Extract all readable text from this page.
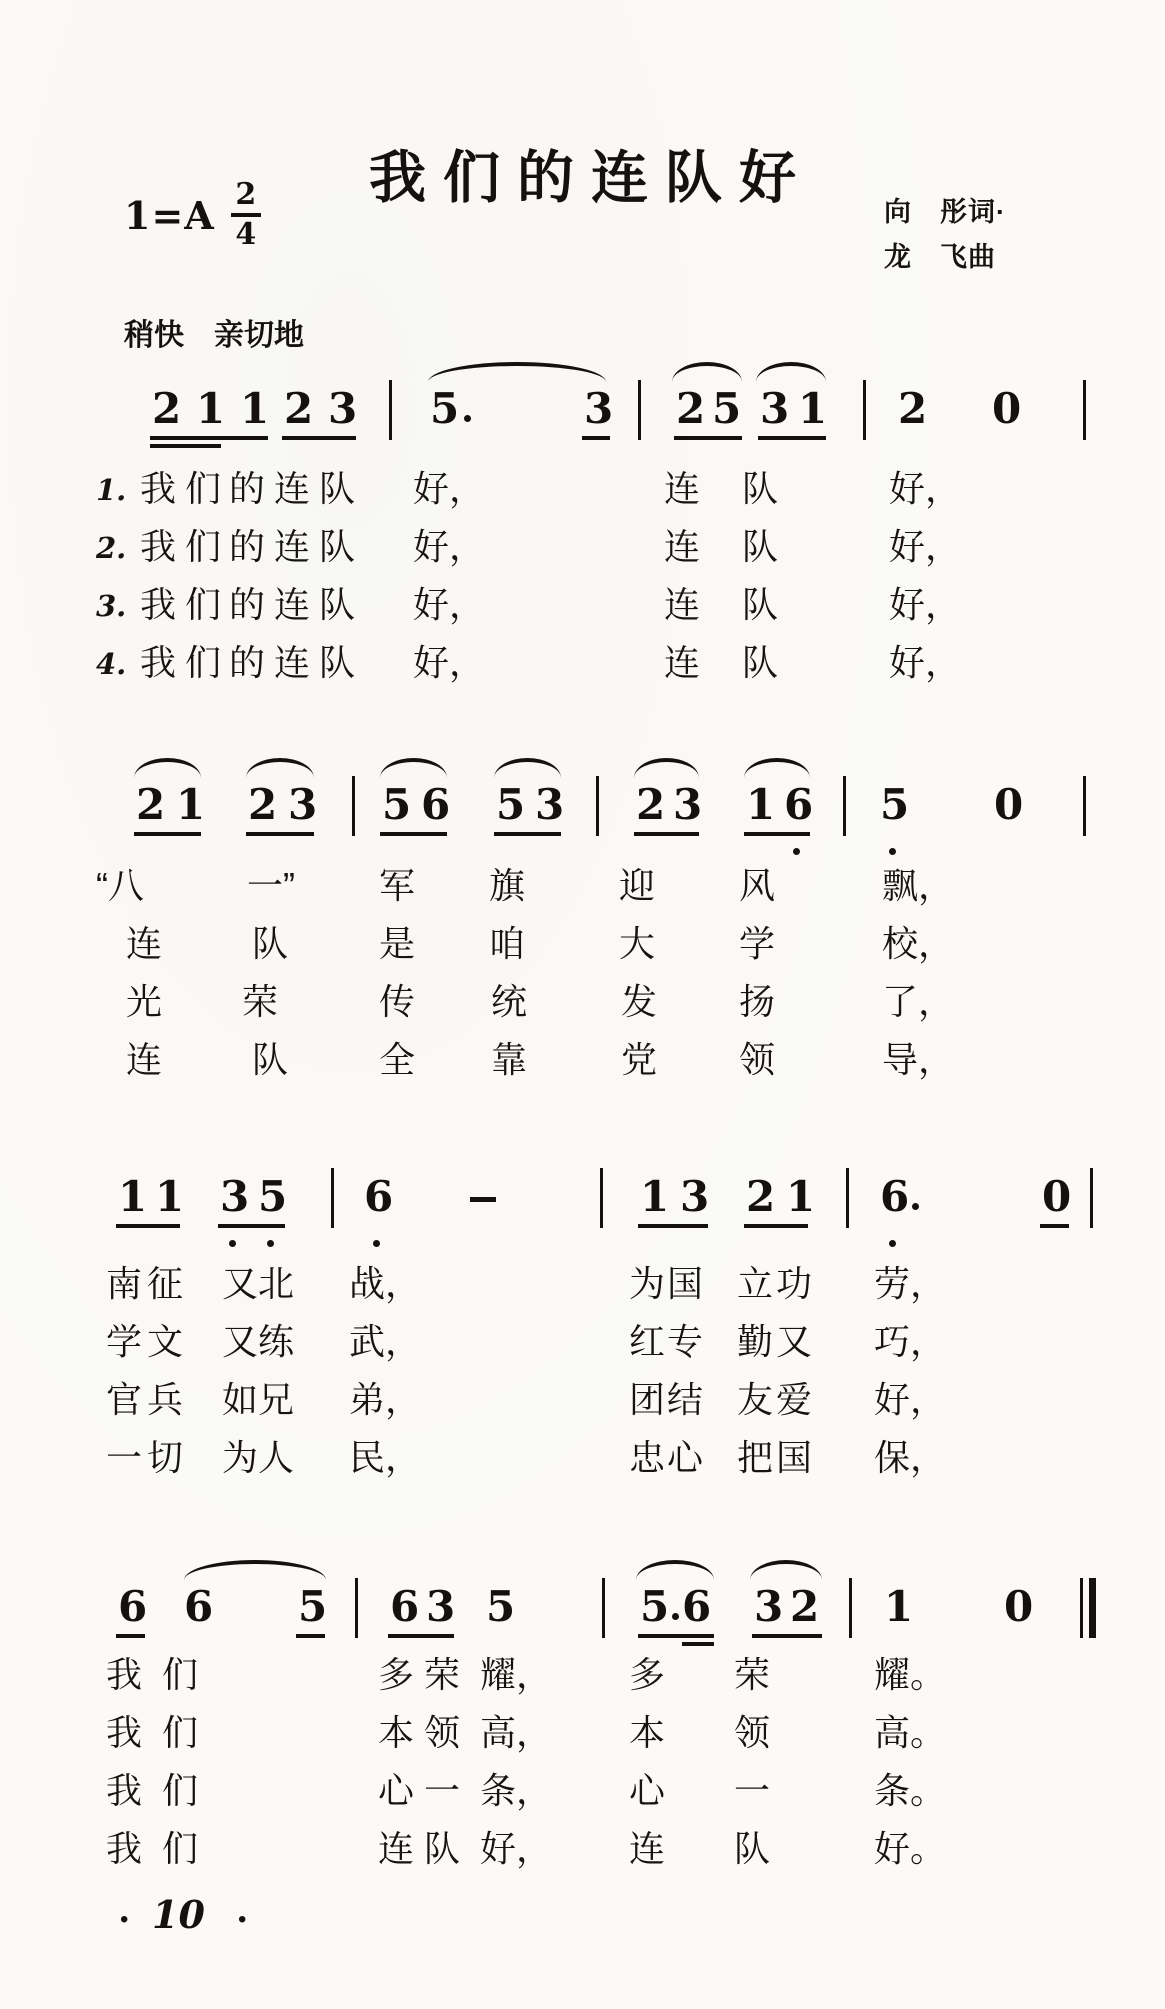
我们的连队好
$1=A \frac{2}{4}$	向　彤词·
龙　飞曲
稍快　亲切地
2 1 1 2 3 5	3 2 5 3 1 2 0
1. 我 们 的 连 队 好，	连 队	好，
2. 我 们 的 连 队 好，	连 队	好，
3. 我 们 的 连 队 好，	连 队	好，
4. 我 们 的 连 队 好，	连 队	好，
2 1 2 3 5 6 5 3 2 3 1 6 5 0
“八	一” 军 旗	迎 风	飘，
连 队	是 咱	大 学	校，
光 荣	传 统	发 扬	了，
连 队	全 靠	党 领	导，
1 1 3 5 6	1 3 2 1 6	0
南 征 又 北 战，	为 国 立 功 劳，
学 文 又 练 武，	红 专 勤 又 巧，
官 兵 如 兄 弟，	团 结 友 爱 好，
一 切 为 人 民，	忠 心 把 国 保，
6 6 5 6 3 5	5 6 3 2 1 0
我 们	多 荣 耀， 多 荣	耀。
我 们	本 领 高， 本 领	高。
我 们	心 一 条， 心 一	条。
我 们	连 队 好， 连 队	好。
• 10 •
